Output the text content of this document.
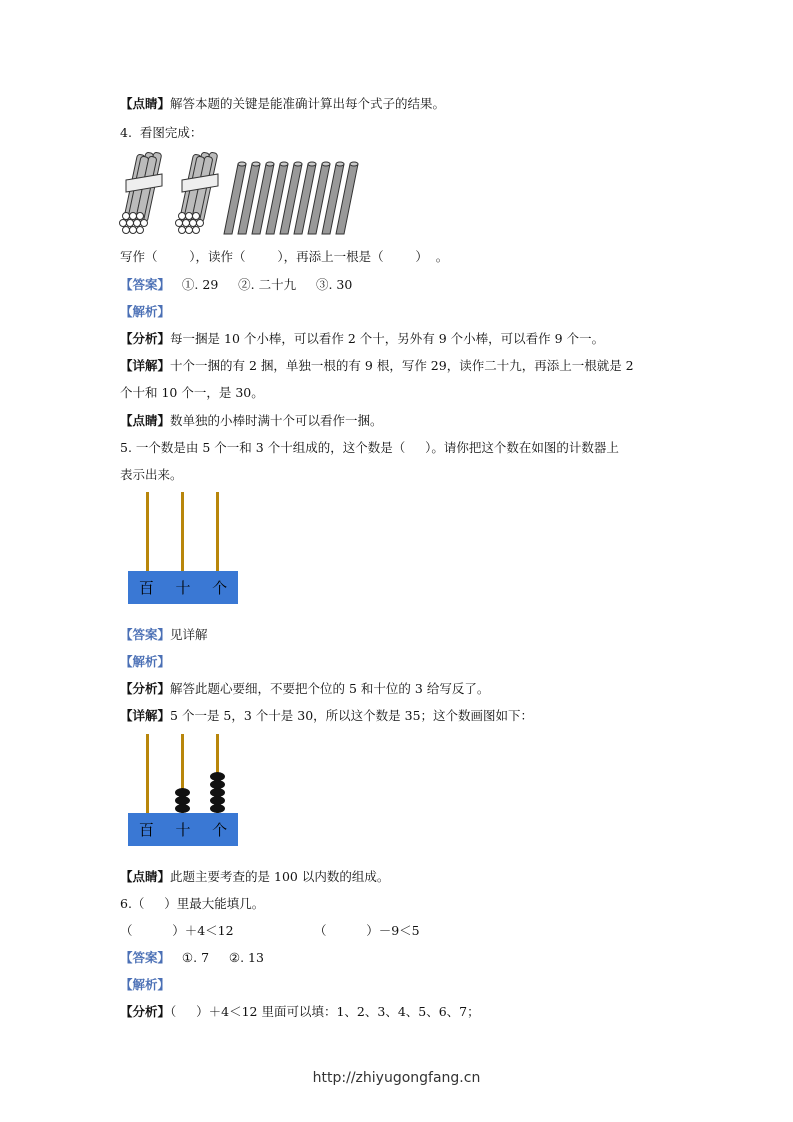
【点睛】解答本题的关键是能准确计算出每个式子的结果。
4.  看图完成：
写作（        ），读作（        ），再添上一根是（        ）  。
【答案】   ①. 29     ②. 二十九     ③. 30
【解析】
【分析】每一捆是 10 个小棒，可以看作 2 个十，另外有 9 个小棒，可以看作 9 个一。
【详解】十个一捆的有 2 捆，单独一根的有 9 根，写作 29，读作二十九，再添上一根就是 2
个十和 10 个一，是 30。
【点睛】数单独的小棒时满十个可以看作一捆。
5. 一个数是由 5 个一和 3 个十组成的，这个数是（     ）。请你把这个数在如图的计数器上
表示出来。
百 十 个
【答案】见详解
【解析】
【分析】解答此题心要细，不要把个位的 5 和十位的 3 给写反了。
【详解】5 个一是 5，3 个十是 30，所以这个数是 35；这个数画图如下：
百 十 个
【点睛】此题主要考查的是 100 以内数的组成。
6.（     ）里最大能填几。
（          ）＋4＜12	（          ）－9＜5
【答案】   ①. 7     ②. 13
【解析】
【分析】（     ）＋4＜12 里面可以填：1、2、3、4、5、6、7；
http://zhiyugongfang.cn
